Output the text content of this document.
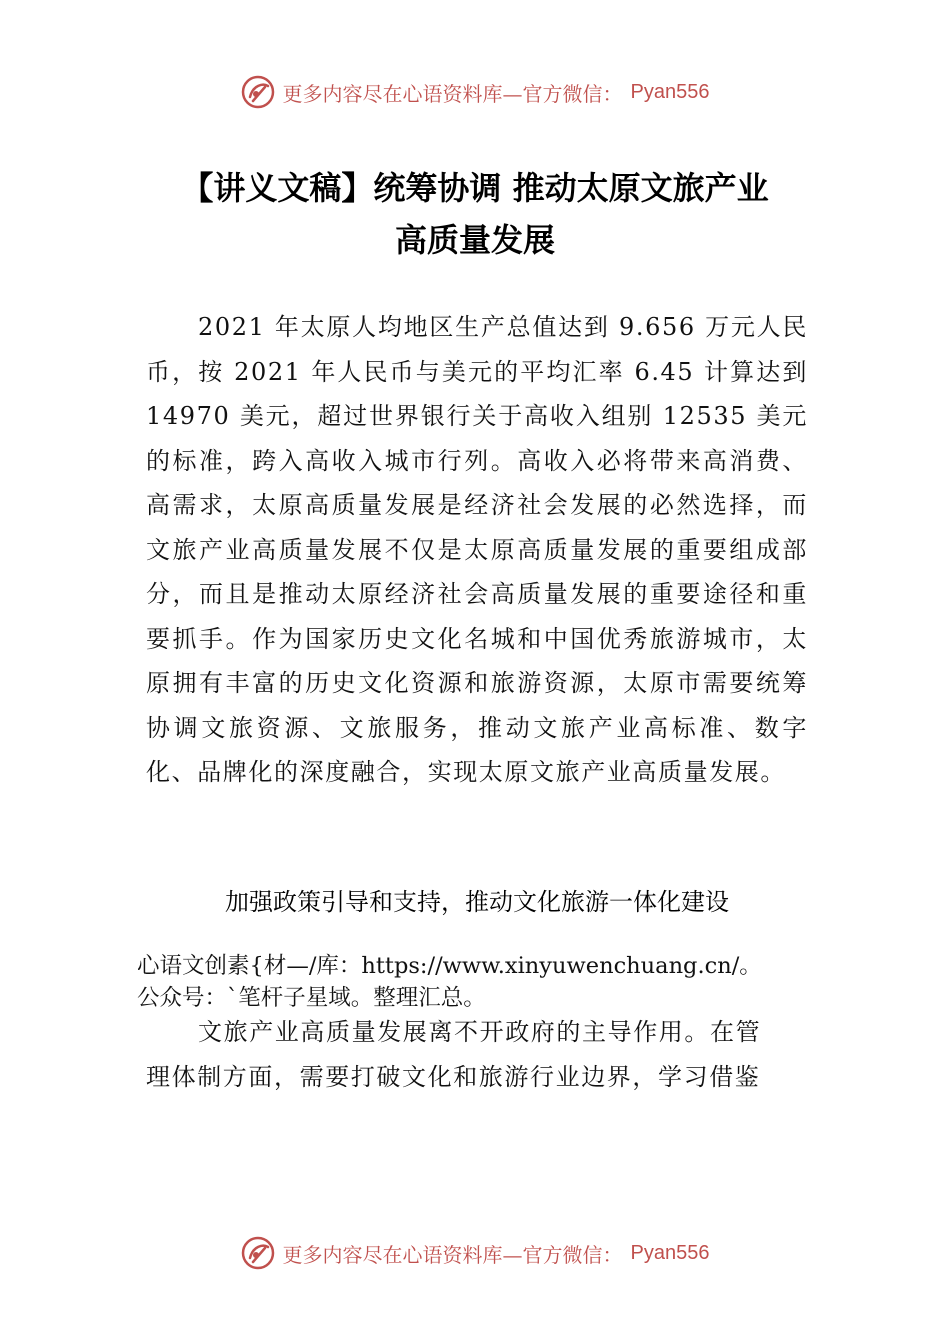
更多内容尽在心语资料库—官方微信： Pyan556
【讲义文稿】统筹协调 推动太原文旅产业
高质量发展
2021 年太原人均地区生产总值达到 9.656 万元人民币，按 2021 年人民币与美元的平均汇率 6.45 计算达到 14970 美元，超过世界银行关于高收入组别 12535 美元的标准，跨入高收入城市行列。高收入必将带来高消费、高需求，太原高质量发展是经济社会发展的必然选择，而文旅产业高质量发展不仅是太原高质量发展的重要组成部分，而且是推动太原经济社会高质量发展的重要途径和重要抓手。作为国家历史文化名城和中国优秀旅游城市，太原拥有丰富的历史文化资源和旅游资源，太原市需要统筹协调文旅资源、文旅服务，推动文旅产业高标准、数字化、品牌化的深度融合，实现太原文旅产业高质量发展。
加强政策引导和支持，推动文化旅游一体化建设
心语文创素{材—/库：https://www.xinyuwenchuang.cn/。
公众号：`笔杆子星域。整理汇总。
文旅产业高质量发展离不开政府的主导作用。在管
理体制方面，需要打破文化和旅游行业边界，学习借鉴
更多内容尽在心语资料库—官方微信： Pyan556
